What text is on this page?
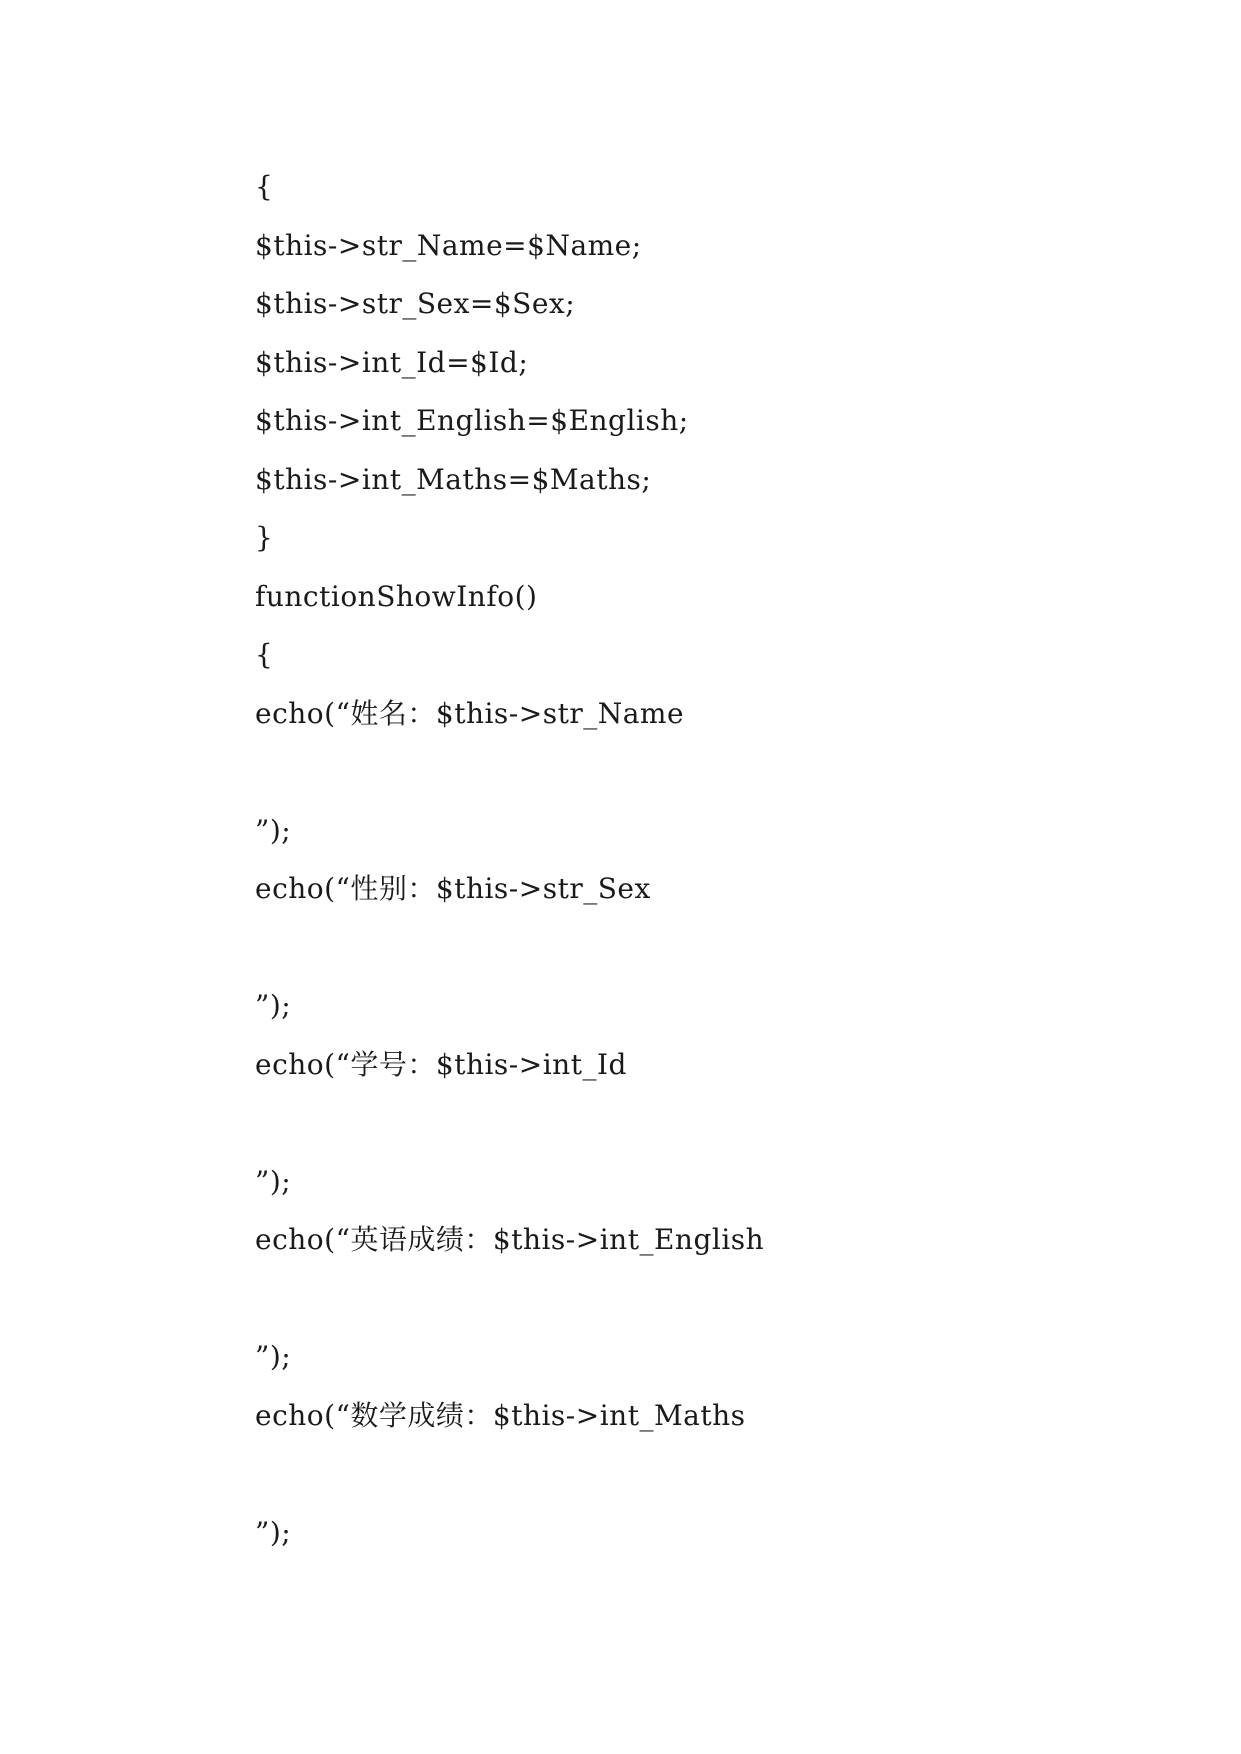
{
$this->str_Name=$Name;
$this->str_Sex=$Sex;
$this->int_Id=$Id;
$this->int_English=$English;
$this->int_Maths=$Maths;
}
functionShowInfo()
{
echo(“姓名：$this->str_Name
”);
echo(“性别：$this->str_Sex
”);
echo(“学号：$this->int_Id
”);
echo(“英语成绩：$this->int_English
”);
echo(“数学成绩：$this->int_Maths
”);
